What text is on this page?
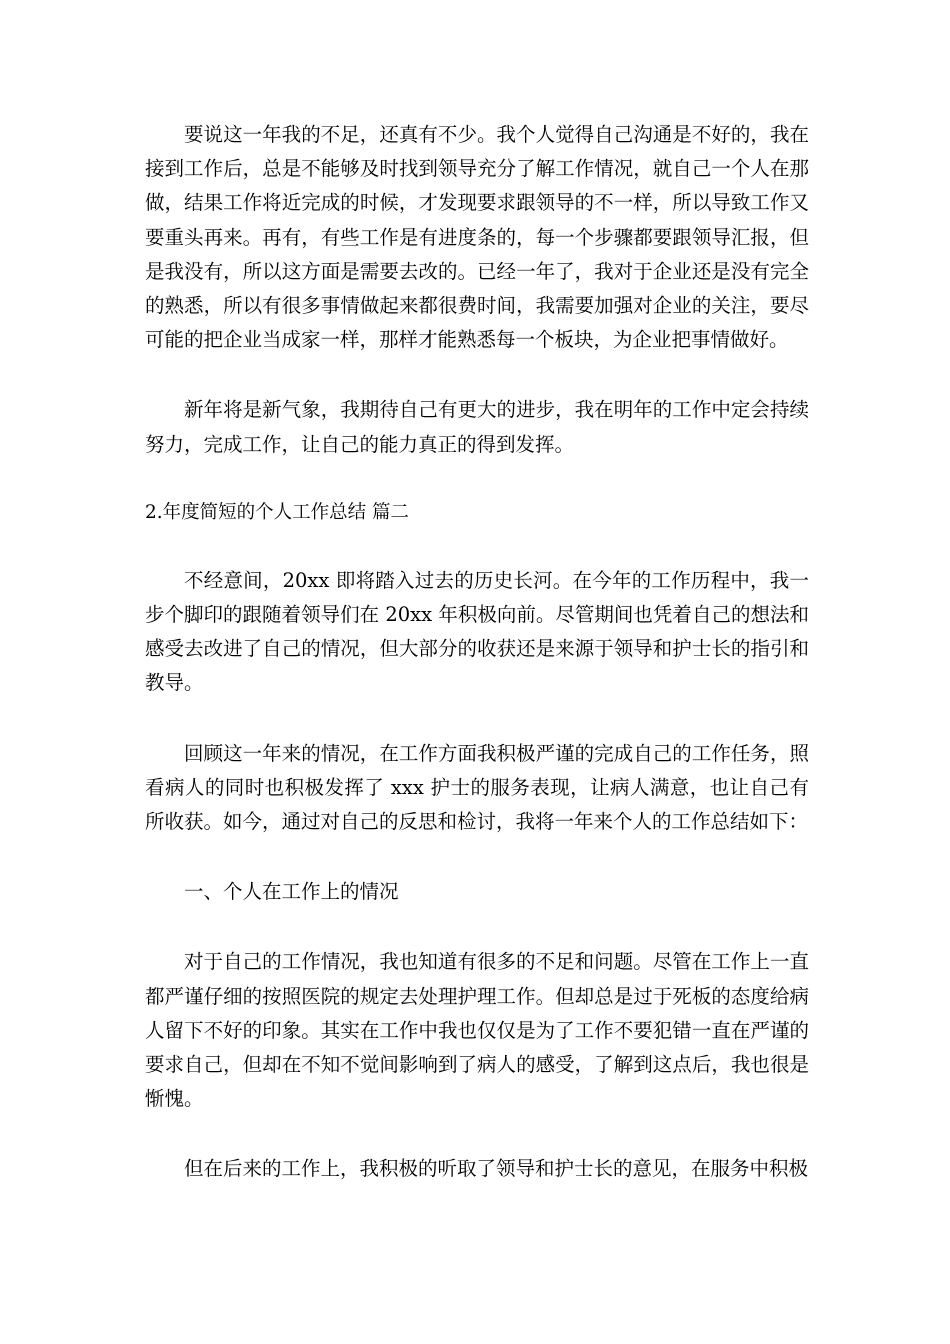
要说这一年我的不足，还真有不少。我个人觉得自己沟通是不好的，我在接到工作后，总是不能够及时找到领导充分了解工作情况，就自己一个人在那做，结果工作将近完成的时候，才发现要求跟领导的不一样，所以导致工作又要重头再来。再有，有些工作是有进度条的，每一个步骤都要跟领导汇报，但是我没有，所以这方面是需要去改的。已经一年了，我对于企业还是没有完全的熟悉，所以有很多事情做起来都很费时间，我需要加强对企业的关注，要尽可能的把企业当成家一样，那样才能熟悉每一个板块，为企业把事情做好。

新年将是新气象，我期待自己有更大的进步，我在明年的工作中定会持续努力，完成工作，让自己的能力真正的得到发挥。

2.年度简短的个人工作总结 篇二

不经意间，20xx 即将踏入过去的历史长河。在今年的工作历程中，我一步个脚印的跟随着领导们在 20xx 年积极向前。尽管期间也凭着自己的想法和感受去改进了自己的情况，但大部分的收获还是来源于领导和护士长的指引和教导。

回顾这一年来的情况，在工作方面我积极严谨的完成自己的工作任务，照看病人的同时也积极发挥了 xxx 护士的服务表现，让病人满意，也让自己有所收获。如今，通过对自己的反思和检讨，我将一年来个人的工作总结如下：

一、个人在工作上的情况

对于自己的工作情况，我也知道有很多的不足和问题。尽管在工作上一直都严谨仔细的按照医院的规定去处理护理工作。但却总是过于死板的态度给病人留下不好的印象。其实在工作中我也仅仅是为了工作不要犯错一直在严谨的要求自己，但却在不知不觉间影响到了病人的感受，了解到这点后，我也很是惭愧。

但在后来的工作上，我积极的听取了领导和护士长的意见，在服务中积极
